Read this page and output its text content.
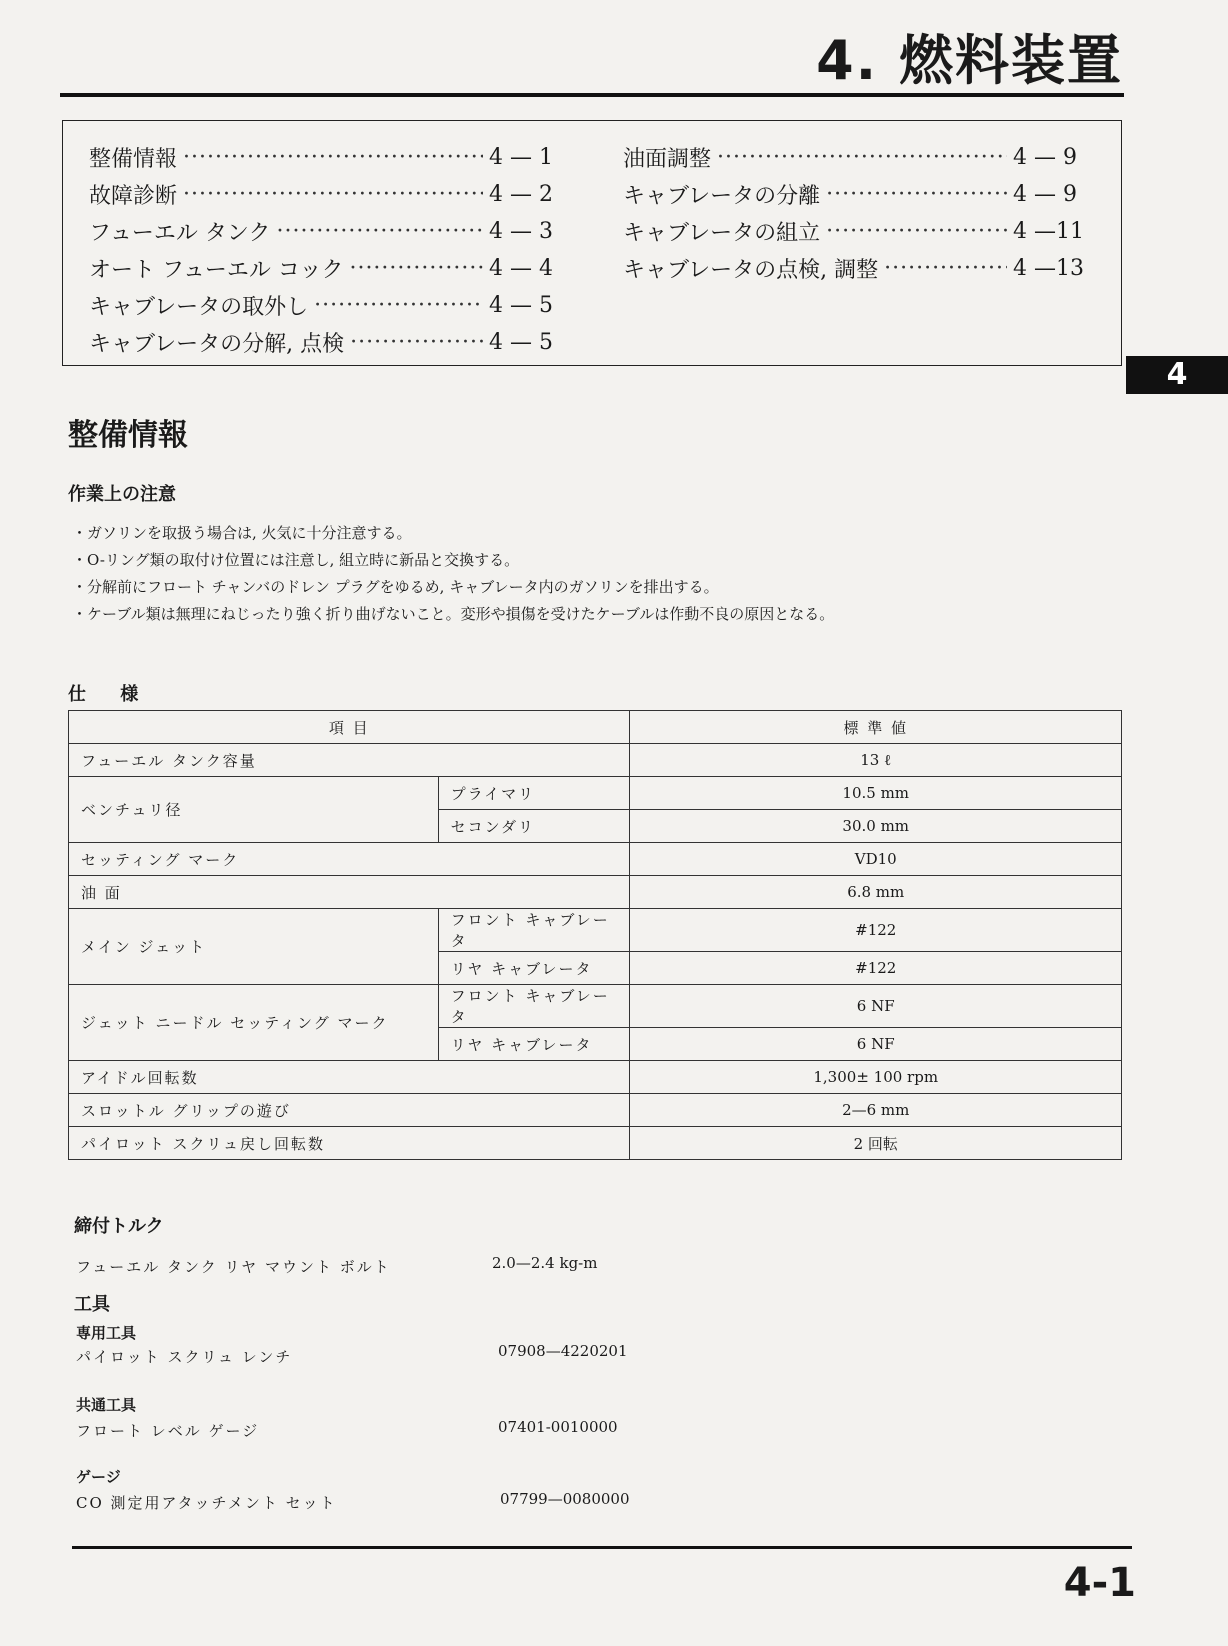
4. 燃料装置
整備情報 ·····	4 — 1
故障診断 ·····	4 — 2
フューエル タンク ·····	4 — 3
オート フューエル コック ·····	4 — 4
キャブレータの取外し ·····	4 — 5
キャブレータの分解, 点検 ·····	4 — 5
油面調整 ·····	4 — 9
キャブレータの分離 ·····	4 — 9
キャブレータの組立 ·····	4 —11
キャブレータの点検, 調整 ·····	4 —13
4
整備情報
作業上の注意
・ガソリンを取扱う場合は, 火気に十分注意する。
・O-リング類の取付け位置には注意し, 組立時に新品と交換する。
・分解前にフロート チャンバのドレン プラグをゆるめ, キャブレータ内のガソリンを排出する。
・ケーブル類は無理にねじったり強く折り曲げないこと。変形や損傷を受けたケーブルは作動不良の原因となる。
仕 様
項 目		標 準 値
フューエル タンク容量		13 ℓ
ベンチュリ径	プライマリ	10.5 mm
	セコンダリ	30.0 mm
セッティング マーク		VD10
油 面		6.8 mm
メイン ジェット	フロント キャブレータ	#122
	リヤ キャブレータ	#122
ジェット ニードル セッティング マーク	フロント キャブレータ	6 NF
	リヤ キャブレータ	6 NF
アイドル回転数		1,300± 100 rpm
スロットル グリップの遊び		2—6 mm
パイロット スクリュ戻し回転数		2 回転
締付トルク
フューエル タンク リヤ マウント ボルト	2.0—2.4 kg-m
工具
専用工具
パイロット スクリュ レンチ	07908—4220201
共通工具
フロート レベル ゲージ	07401-0010000
ゲージ
CO 測定用アタッチメント セット	07799—0080000
4-1
